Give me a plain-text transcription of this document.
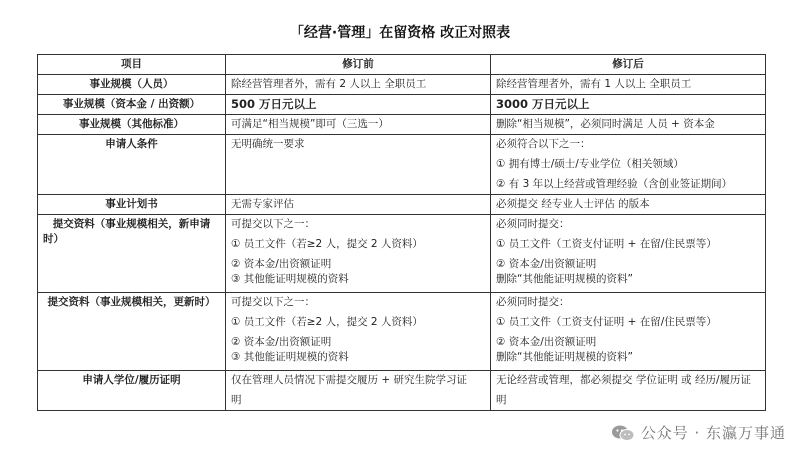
「经营·管理」在留资格 改正对照表
项目	修订前	修订后
事业规模（人员）	除经营管理者外，需有 2 人以上 全职员工	除经营管理者外，需有 1 人以上 全职员工

事业规模（资本金 / 出资额）	500 万日元以上	3000 万日元以上

事业规模（其他标准）	可满足“相当规模”即可（三选一）	删除“相当规模”，必须同时满足 人员 + 资本金

申请人条件	无明确统一要求	必须符合以下之一：
① 拥有博士/硕士/专业学位（相关领域）
② 有 3 年以上经营或管理经验（含创业签证期间）

事业计划书	无需专家评估	必须提交 经专业人士评估 的版本

提交资料（事业规模相关，新申请
时）	可提交以下之一：
① 员工文件（若≥2 人，提交 2 人资料）
② 资本金/出资额证明
③ 其他能证明规模的资料	必须同时提交：
① 员工文件（工资支付证明 + 在留/住民票等）
② 资本金/出资额证明
删除“其他能证明规模的资料”

提交资料（事业规模相关，更新时）	可提交以下之一：
① 员工文件（若≥2 人，提交 2 人资料）
② 资本金/出资额证明
③ 其他能证明规模的资料	必须同时提交：
① 员工文件（工资支付证明 + 在留/住民票等）
② 资本金/出资额证明
删除“其他能证明规模的资料”

申请人学位/履历证明	仅在管理人员情况下需提交履历 + 研究生院学习证
明	无论经营或管理，都必须提交 学位证明 或 经历/履历证
明
公众号 · 东瀛万事通
